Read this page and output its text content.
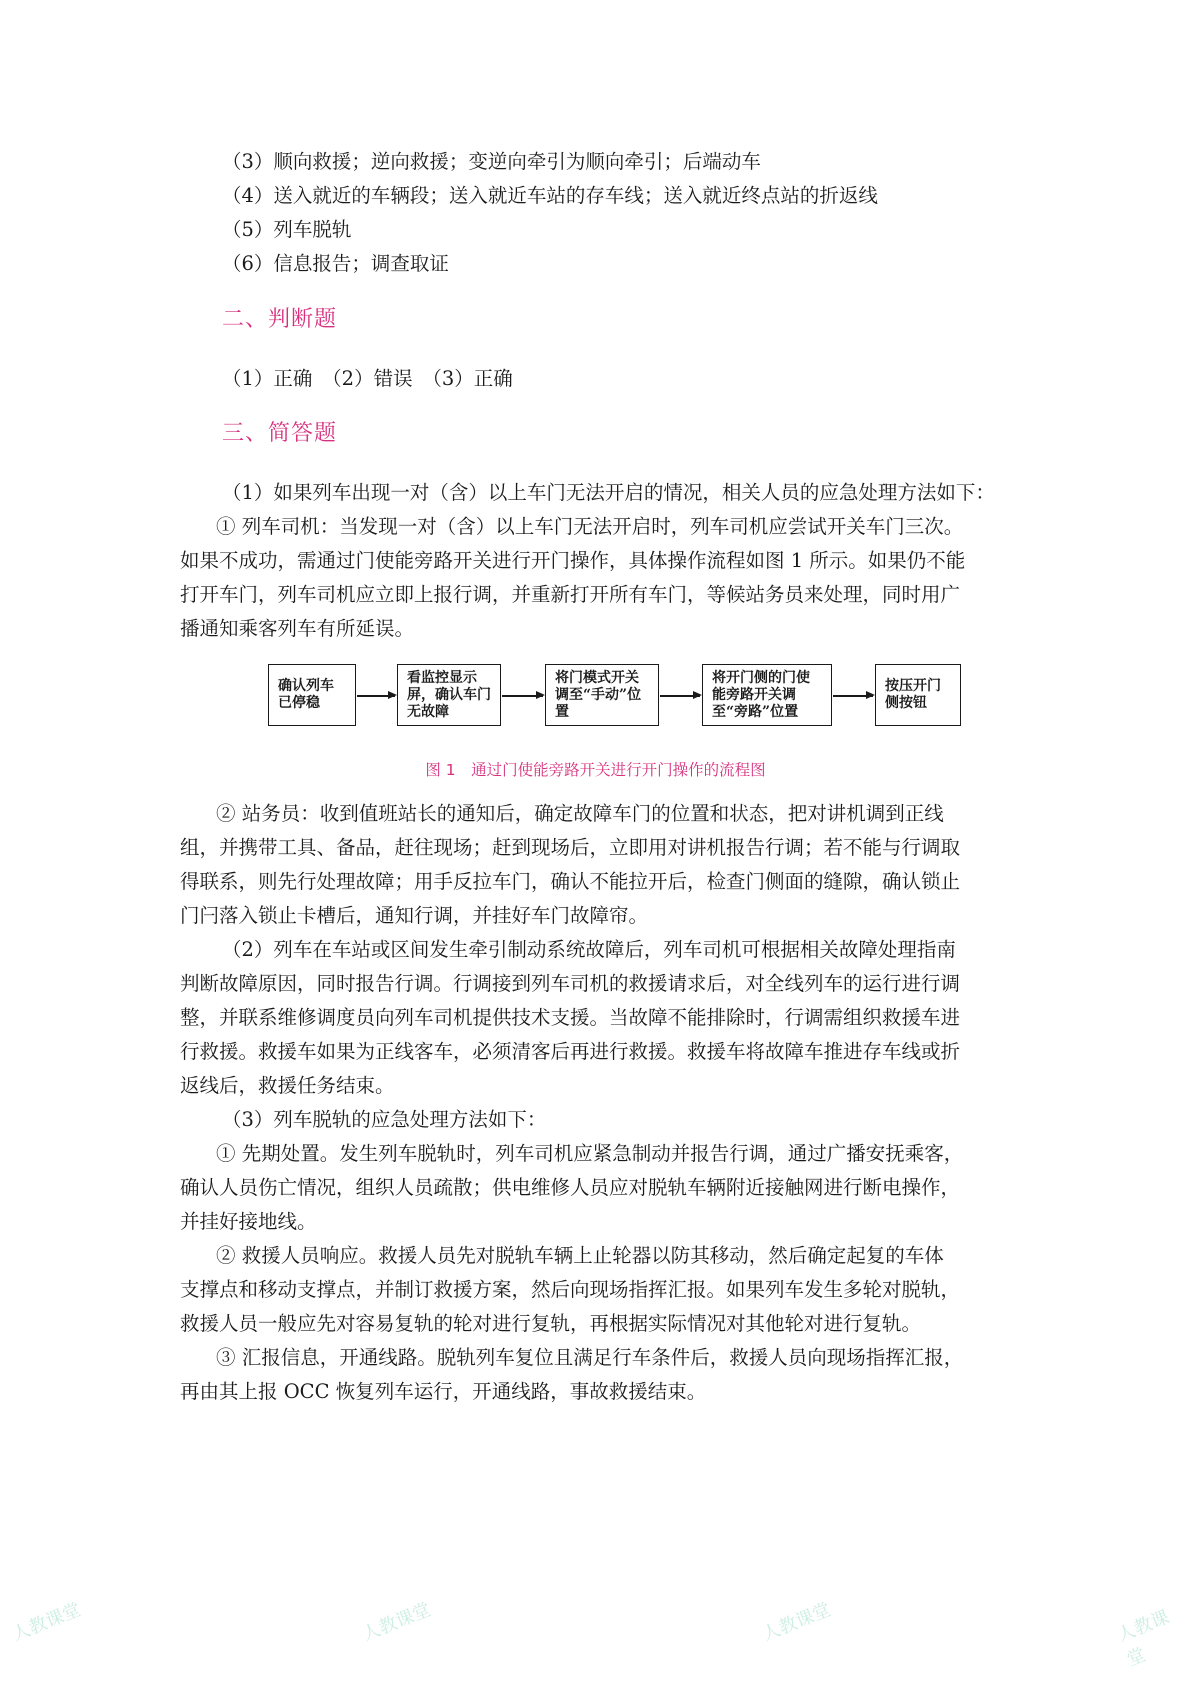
（3）顺向救援；逆向救援；变逆向牵引为顺向牵引；后端动车
（4）送入就近的车辆段；送入就近车站的存车线；送入就近终点站的折返线
（5）列车脱轨
（6）信息报告；调查取证
二、判断题
（1）正确　（2）错误　（3）正确
三、简答题
（1）如果列车出现一对（含）以上车门无法开启的情况，相关人员的应急处理方法如下：
① 列车司机：当发现一对（含）以上车门无法开启时，列车司机应尝试开关车门三次。
如果不成功，需通过门使能旁路开关进行开门操作，具体操作流程如图 1 所示。如果仍不能
打开车门，列车司机应立即上报行调，并重新打开所有车门，等候站务员来处理，同时用广
播通知乘客列车有所延误。
确认列车已停稳
看监控显示屏，确认车门无故障
将门模式开关调至“手动”位置
将开门侧的门使能旁路开关调至“旁路”位置
按压开门侧按钮
图 1　通过门使能旁路开关进行开门操作的流程图
② 站务员：收到值班站长的通知后，确定故障车门的位置和状态，把对讲机调到正线
组，并携带工具、备品，赶往现场；赶到现场后，立即用对讲机报告行调；若不能与行调取
得联系，则先行处理故障；用手反拉车门，确认不能拉开后，检查门侧面的缝隙，确认锁止
门闩落入锁止卡槽后，通知行调，并挂好车门故障帘。
（2）列车在车站或区间发生牵引制动系统故障后，列车司机可根据相关故障处理指南
判断故障原因，同时报告行调。行调接到列车司机的救援请求后，对全线列车的运行进行调
整，并联系维修调度员向列车司机提供技术支援。当故障不能排除时，行调需组织救援车进
行救援。救援车如果为正线客车，必须清客后再进行救援。救援车将故障车推进存车线或折
返线后，救援任务结束。
（3）列车脱轨的应急处理方法如下：
① 先期处置。发生列车脱轨时，列车司机应紧急制动并报告行调，通过广播安抚乘客，
确认人员伤亡情况，组织人员疏散；供电维修人员应对脱轨车辆附近接触网进行断电操作，
并挂好接地线。
② 救援人员响应。救援人员先对脱轨车辆上止轮器以防其移动，然后确定起复的车体
支撑点和移动支撑点，并制订救援方案，然后向现场指挥汇报。如果列车发生多轮对脱轨，
救援人员一般应先对容易复轨的轮对进行复轨，再根据实际情况对其他轮对进行复轨。
③ 汇报信息，开通线路。脱轨列车复位且满足行车条件后，救援人员向现场指挥汇报，
再由其上报 OCC 恢复列车运行，开通线路，事故救援结束。
人教课堂	人教课堂	人教课堂	人教课堂
